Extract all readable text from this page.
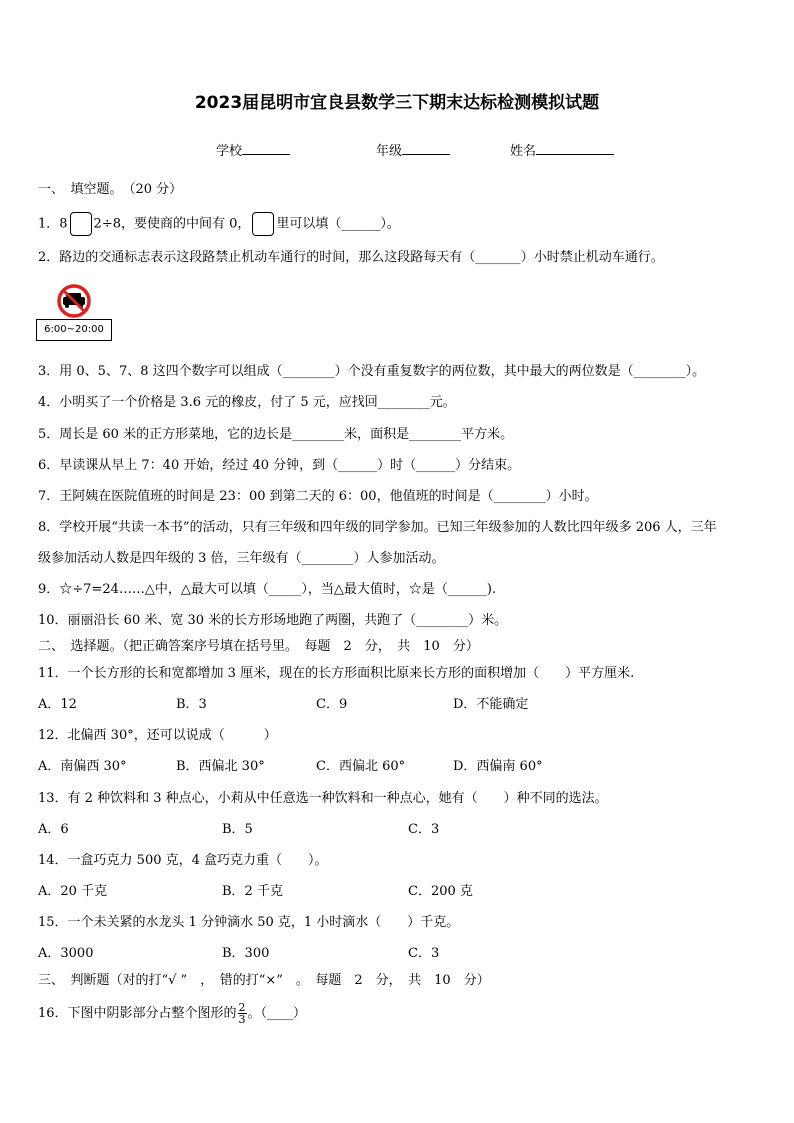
2023届昆明市宜良县数学三下期末达标检测模拟试题
学校	年级	姓名
一、　填空题。　（20 分）
1．8 2÷8，要使商的中间有 0， 里可以填（______）。
2．路边的交通标志表示这段路禁止机动车通行的时间，那么这段路每天有（_______）小时禁止机动车通行。
6:00~20:00
3．用 0、5、7、8 这四个数字可以组成（________）个没有重复数字的两位数，其中最大的两位数是（________）。
4．小明买了一个价格是 3.6 元的橡皮，付了 5 元，应找回________元。
5．周长是 60 米的正方形菜地，它的边长是________米，面积是________平方米。
6．早读课从早上 7：40 开始，经过 40 分钟，到（______）时（______）分结束。
7．王阿姨在医院值班的时间是 23：00 到第二天的 6：00，他值班的时间是（________）小时。
8．学校开展“共读一本书”的活动，只有三年级和四年级的同学参加。已知三年级参加的人数比四年级多 206 人，三年
级参加活动人数是四年级的 3 倍，三年级有（________）人参加活动。
9．☆÷7=24……△中，△最大可以填（_____），当△最大值时，☆是（______).
10．丽丽沿长 60 米、宽 30 米的长方形场地跑了两圈，共跑了（________）米。
二、　选择题。（把正确答案序号填在括号里。　每题　2　分，　共　10　分）
11．一个长方形的长和宽都增加 3 厘米，现在的长方形面积比原来长方形的面积增加（　　）平方厘米.
A．12	B．3	C．9	D．不能确定
12．北偏西 30°，还可以说成（　　　）
A．南偏西 30°	B．西偏北 30°	C．西偏北 60°	D．西偏南 60°
13．有 2 种饮料和 3 种点心，小莉从中任意选一种饮料和一种点心，她有（　　）种不同的选法。
A．6	B．5	C．3
14．一盒巧克力 500 克，4 盒巧克力重（　　）。
A．20 千克	B．2 千克	C．200 克
15．一个未关紧的水龙头 1 分钟滴水 50 克，1 小时滴水（　　）千克。
A．3000	B．300	C．3
三、　判断题（对的打“√ ”　，　错的打“×”　。　每题　2　分，　共　10　分）
16．下图中阴影部分占整个图形的 $\frac{2}{3}$ 。（____）
